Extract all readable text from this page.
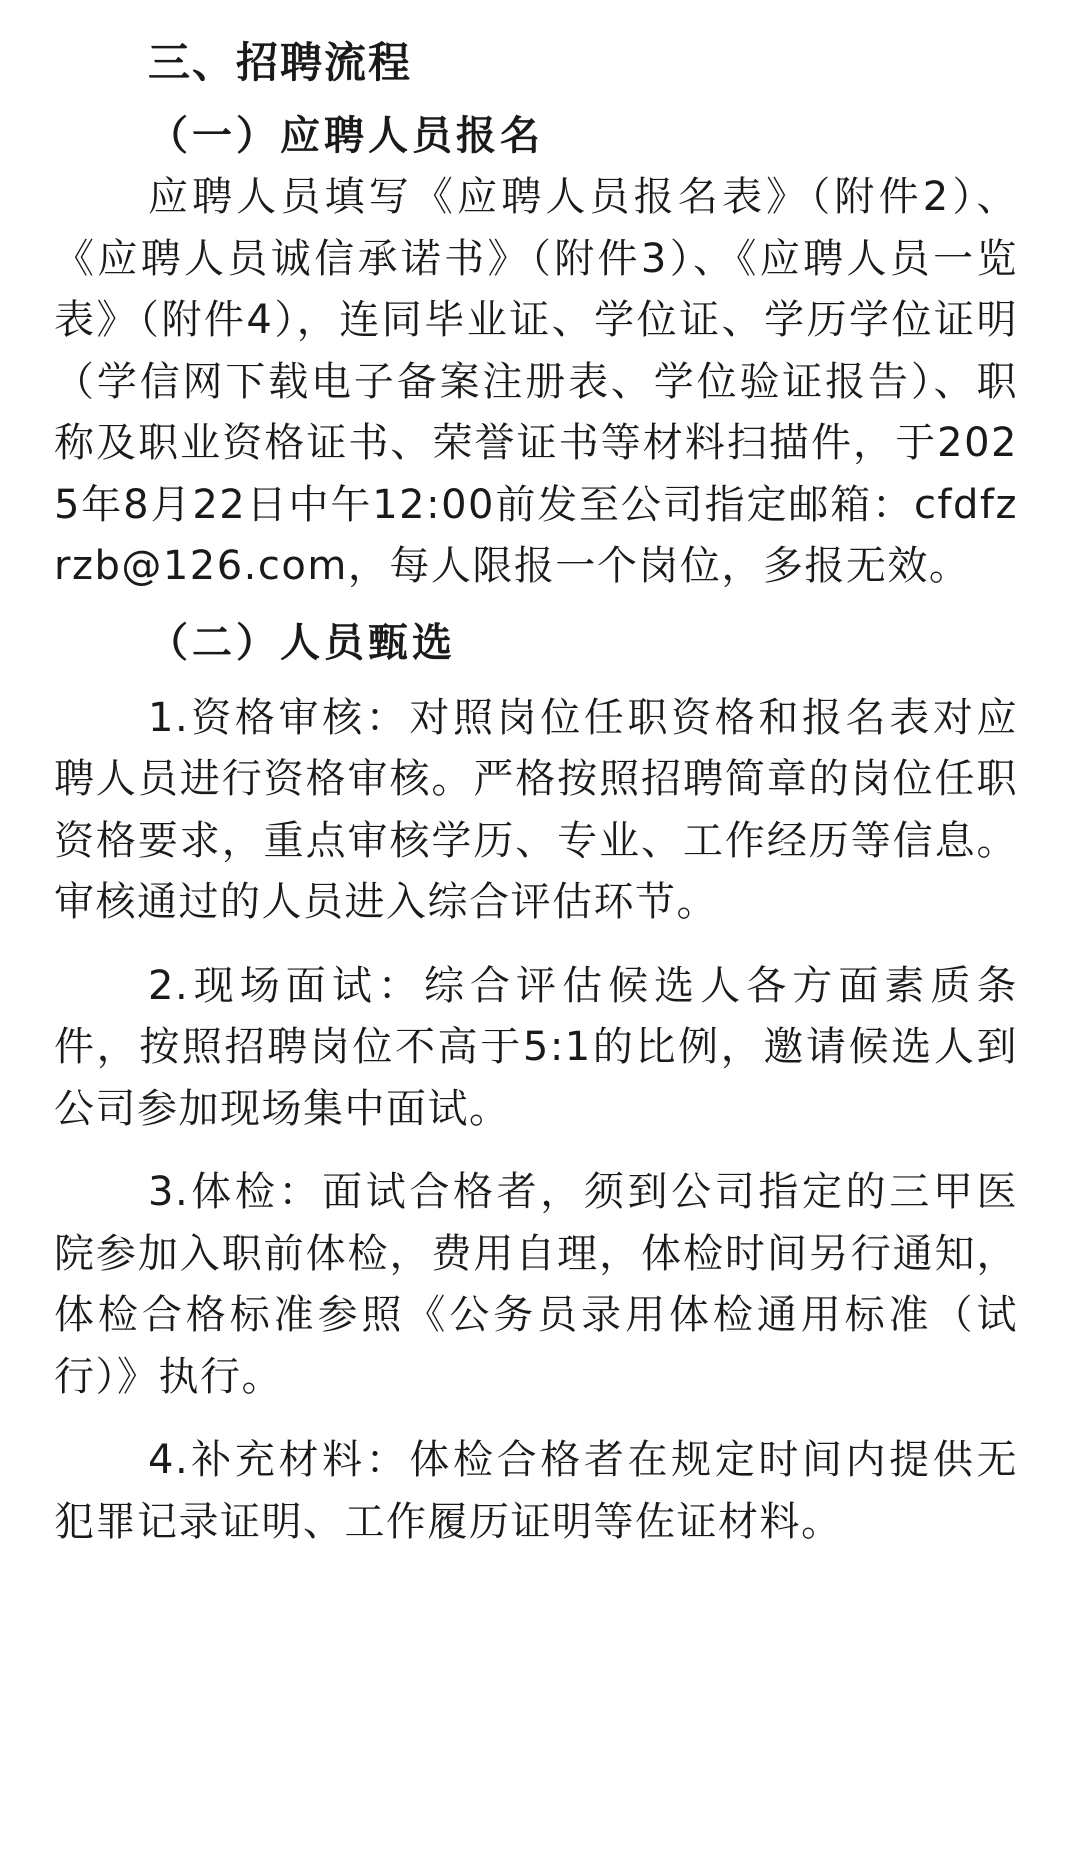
三、招聘流程
（一）应聘人员报名

应聘人员填写《应聘人员报名表》（附件2）、《应聘人员诚信承诺书》（附件3）、《应聘人员一览表》（附件4），连同毕业证、学位证、学历学位证明（学信网下载电子备案注册表、学位验证报告）、职称及职业资格证书、荣誉证书等材料扫描件，于2025年8月22日中午12:00前发至公司指定邮箱：cfdfzrzb@126.com，每人限报一个岗位，多报无效。

（二）人员甄选

1.资格审核：对照岗位任职资格和报名表对应聘人员进行资格审核。严格按照招聘简章的岗位任职资格要求，重点审核学历、专业、工作经历等信息。审核通过的人员进入综合评估环节。

2.现场面试：综合评估候选人各方面素质条件，按照招聘岗位不高于5:1的比例，邀请候选人到公司参加现场集中面试。

3.体检：面试合格者，须到公司指定的三甲医院参加入职前体检，费用自理，体检时间另行通知，体检合格标准参照《公务员录用体检通用标准（试行）》执行。

4.补充材料：体检合格者在规定时间内提供无犯罪记录证明、工作履历证明等佐证材料。
